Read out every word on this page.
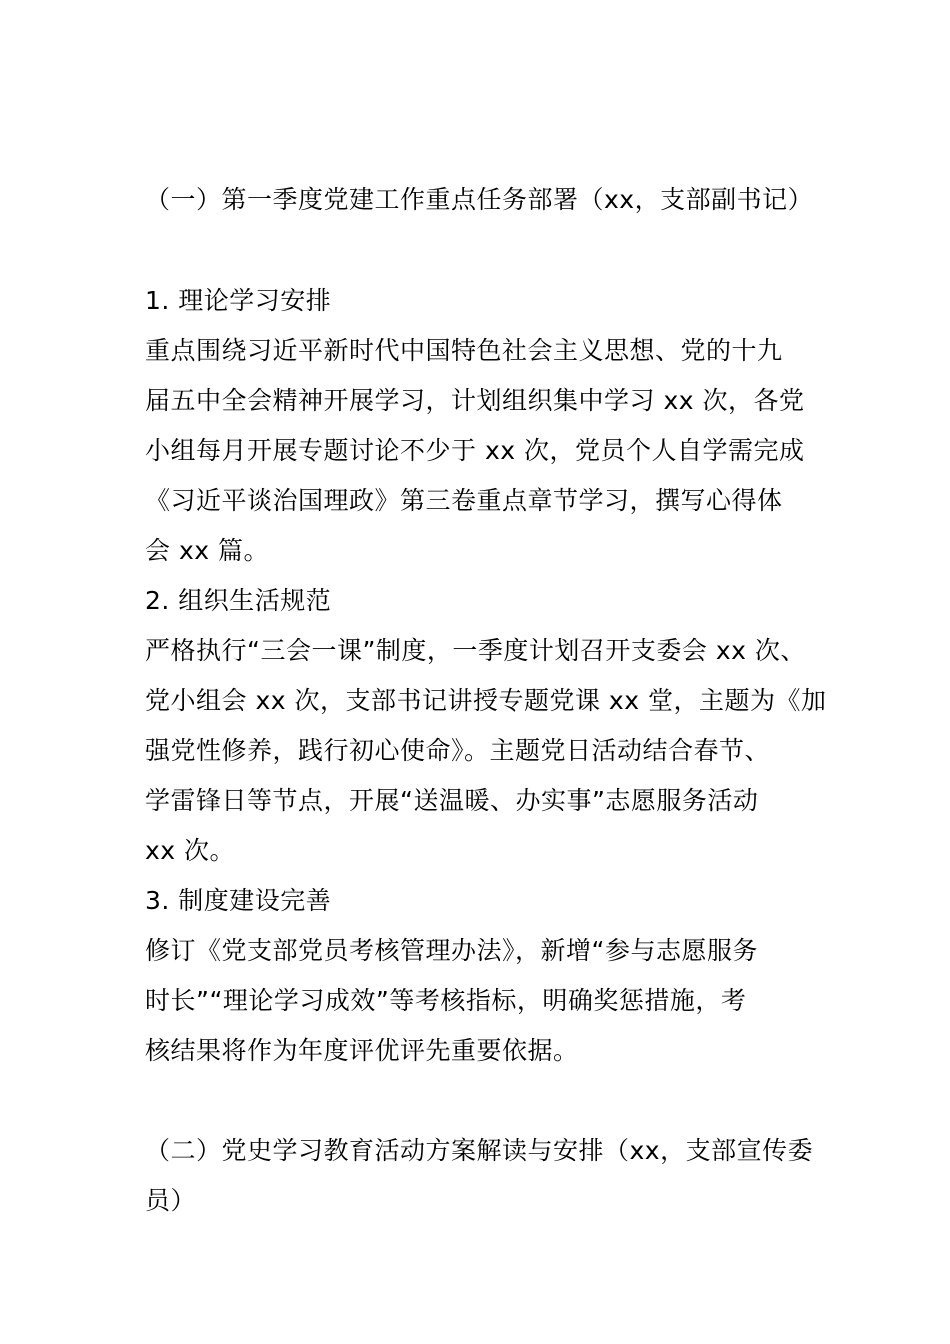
（一）第一季度党建工作重点任务部署（xx，支部副书记）
1. 理论学习安排
重点围绕习近平新时代中国特色社会主义思想、党的十九
届五中全会精神开展学习，计划组织集中学习 xx 次，各党
小组每月开展专题讨论不少于 xx 次，党员个人自学需完成
《习近平谈治国理政》第三卷重点章节学习，撰写心得体
会 xx 篇。
2. 组织生活规范
严格执行“三会一课”制度，一季度计划召开支委会 xx 次、
党小组会 xx 次，支部书记讲授专题党课 xx 堂，主题为《加
强党性修养，践行初心使命》。主题党日活动结合春节、
学雷锋日等节点，开展“送温暖、办实事”志愿服务活动
xx 次。
3. 制度建设完善
修订《党支部党员考核管理办法》，新增“参与志愿服务
时长”“理论学习成效”等考核指标，明确奖惩措施，考
核结果将作为年度评优评先重要依据。
（二）党史学习教育活动方案解读与安排（xx，支部宣传委
员）
